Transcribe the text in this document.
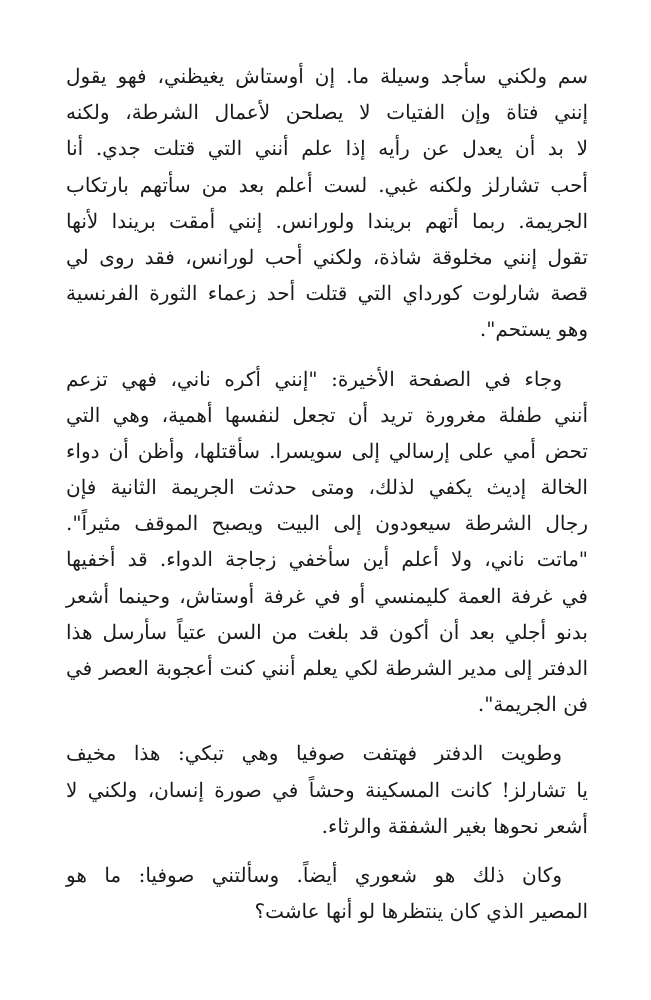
سم ولكني سأجد وسيلة ما. إن أوستاش يغيظني، فهو يقول
إنني فتاة وإن الفتيات لا يصلحن لأعمال الشرطة، ولكنه
لا بد أن يعدل عن رأيه إذا علم أنني التي قتلت جدي. أنا
أحب تشارلز ولكنه غبي. لست أعلم بعد من سأتهم بارتكاب
الجريمة. ربما أتهم بريندا ولورانس. إنني أمقت بريندا لأنها
تقول إنني مخلوقة شاذة، ولكني أحب لورانس، فقد روى لي
قصة شارلوت كورداي التي قتلت أحد زعماء الثورة الفرنسية
وهو يستحم".
وجاء في الصفحة الأخيرة: "إنني أكره ناني، فهي تزعم
أنني طفلة مغرورة تريد أن تجعل لنفسها أهمية، وهي التي
تحض أمي على إرسالي إلى سويسرا. سأقتلها، وأظن أن دواء
الخالة إديث يكفي لذلك، ومتى حدثت الجريمة الثانية فإن
رجال الشرطة سيعودون إلى البيت ويصبح الموقف مثيراً".
"ماتت ناني، ولا أعلم أين سأخفي زجاجة الدواء. قد أخفيها
في غرفة العمة كليمنسي أو في غرفة أوستاش، وحينما أشعر
بدنو أجلي بعد أن أكون قد بلغت من السن عتياً سأرسل هذا
الدفتر إلى مدير الشرطة لكي يعلم أنني كنت أعجوبة العصر في
فن الجريمة".
وطويت الدفتر فهتفت صوفيا وهي تبكي: هذا مخيف
يا تشارلز! كانت المسكينة وحشاً في صورة إنسان، ولكني لا
أشعر نحوها بغير الشفقة والرثاء.
وكان ذلك هو شعوري أيضاً. وسألتني صوفيا: ما هو
المصير الذي كان ينتظرها لو أنها عاشت؟
